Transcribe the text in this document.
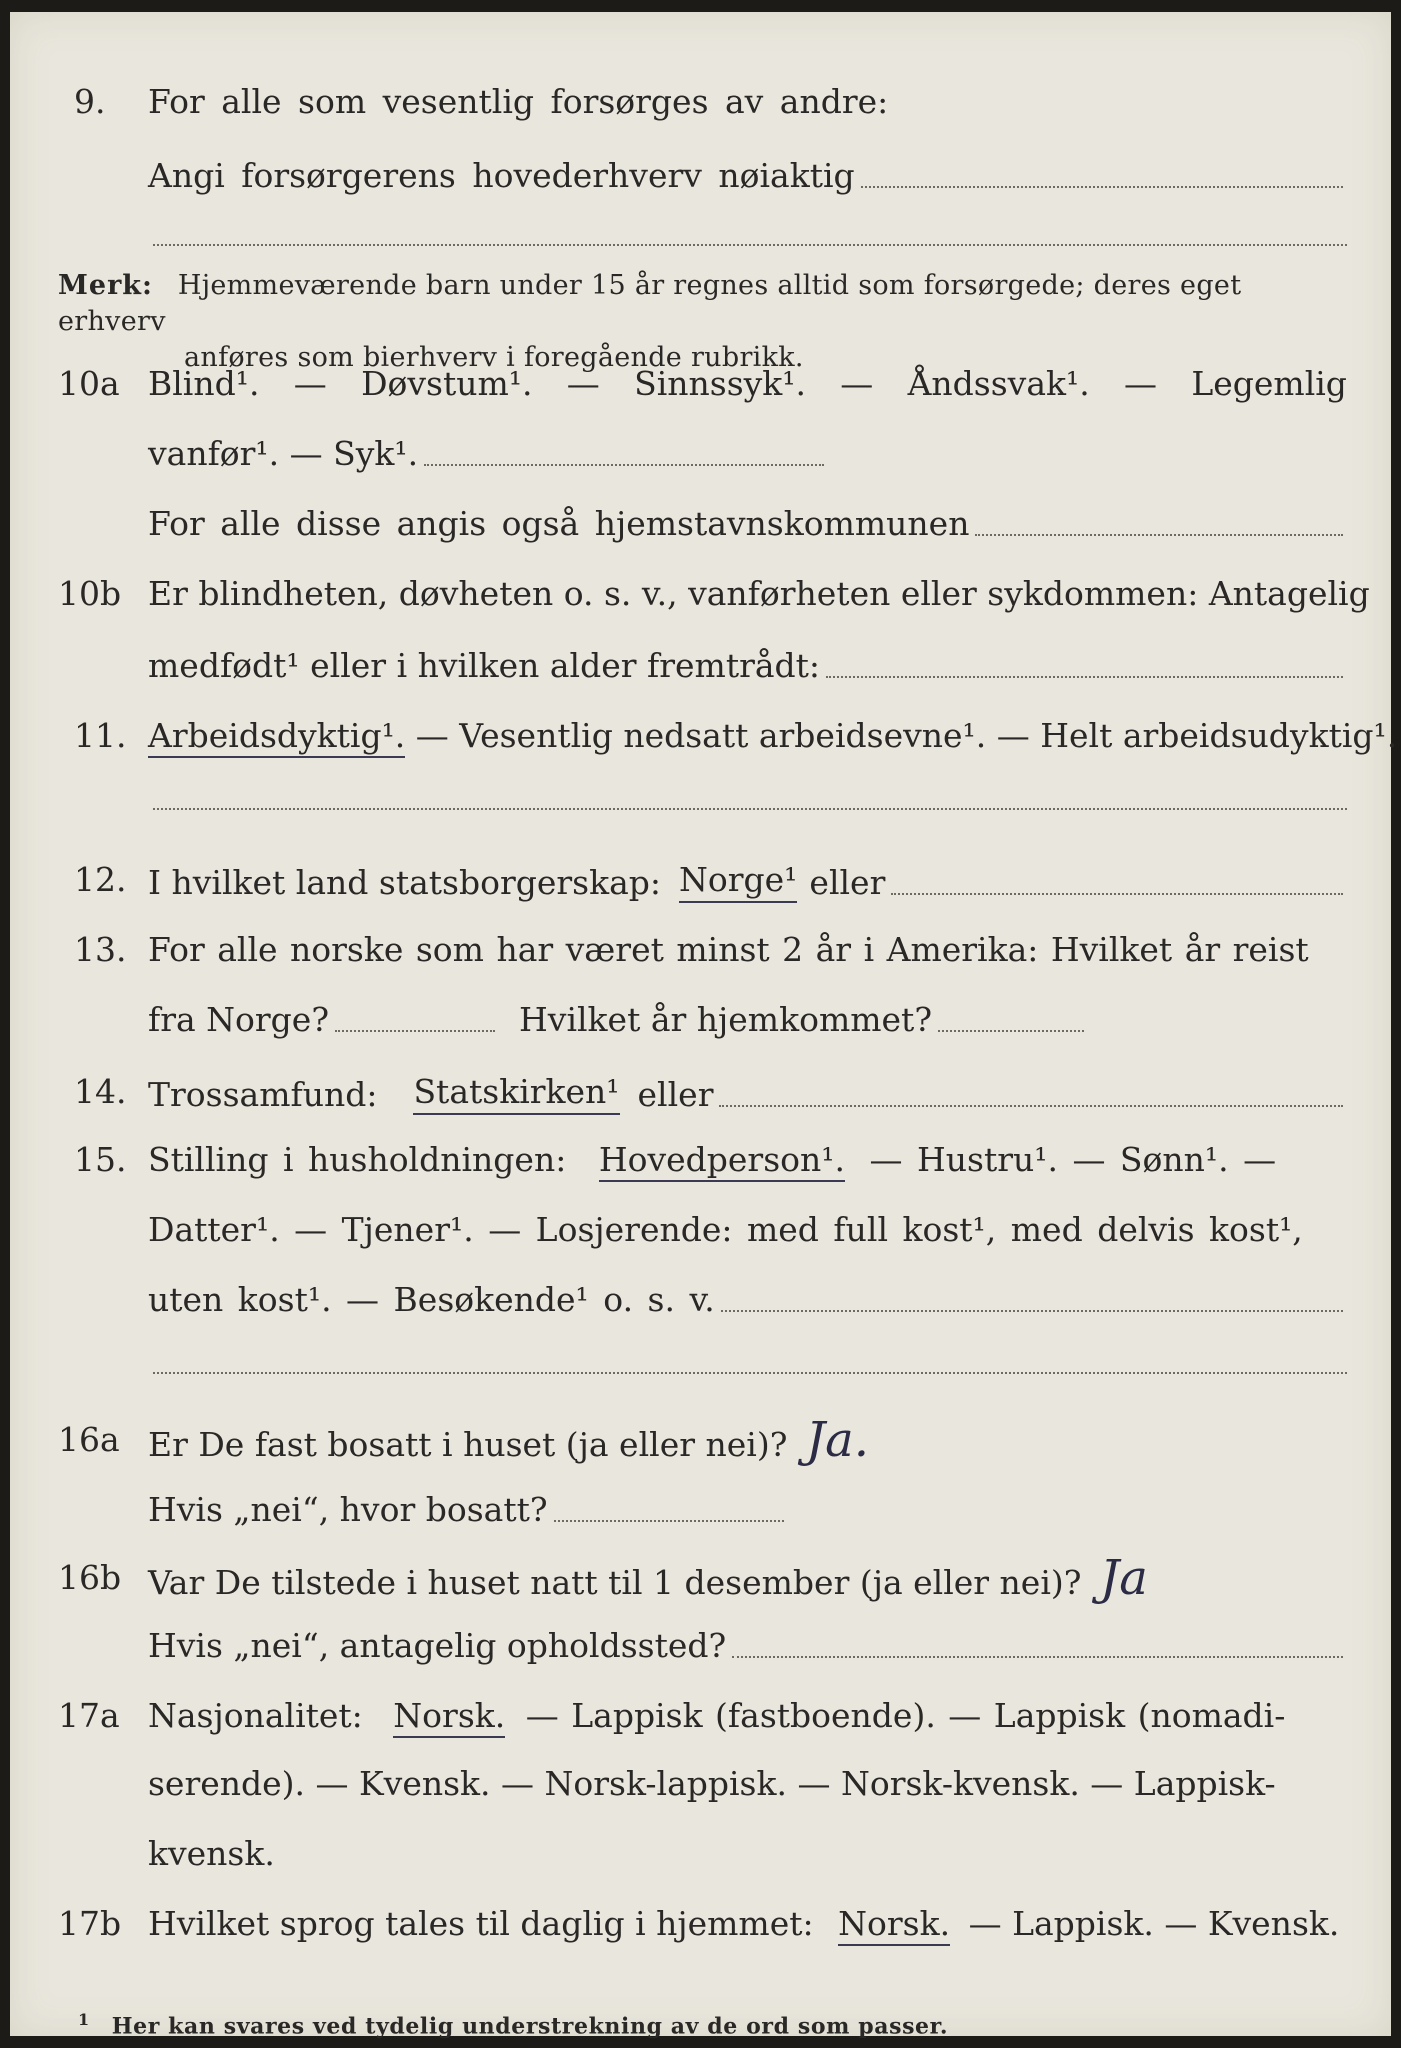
9. For alle som vesentlig forsørges av andre:
Angi forsørgerens hovederhverv nøiaktig
Merk: Hjemmeværende barn under 15 år regnes alltid som forsørgede; deres eget erhverv
anføres som bierhverv i foregående rubrikk.
10a Blind¹. — Døvstum¹. — Sinnssyk¹. — Åndssvak¹. — Legemlig
vanfør¹. — Syk¹.
For alle disse angis også hjemstavnskommunen
10b Er blindheten, døvheten o. s. v., vanførheten eller sykdommen: Antagelig
medfødt¹ eller i hvilken alder fremtrådt:
11. Arbeidsdyktig¹. — Vesentlig nedsatt arbeidsevne¹. — Helt arbeidsudyktig¹.
12. I hvilket land statsborgerskap: Norge¹ eller
13. For alle norske som har været minst 2 år i Amerika: Hvilket år reist
fra Norge?	Hvilket år hjemkommet?
14. Trossamfund: Statskirken¹ eller
15. Stilling i husholdningen: Hovedperson¹. — Hustru¹. — Sønn¹. —
Datter¹. — Tjener¹. — Losjerende: med full kost¹, med delvis kost¹,
uten kost¹. — Besøkende¹ o. s. v.
16a Er De fast bosatt i huset (ja eller nei)? Ja.
Hvis „nei“, hvor bosatt?
16b Var De tilstede i huset natt til 1 desember (ja eller nei)? Ja
Hvis „nei“, antagelig opholdssted?
17a Nasjonalitet: Norsk. — Lappisk (fastboende). — Lappisk (nomadi-
serende). — Kvensk. — Norsk-lappisk. — Norsk-kvensk. — Lappisk-
kvensk.
17b Hvilket sprog tales til daglig i hjemmet: Norsk. — Lappisk. — Kvensk.
$^1$ Her kan svares ved tydelig understrekning av de ord som passer.
